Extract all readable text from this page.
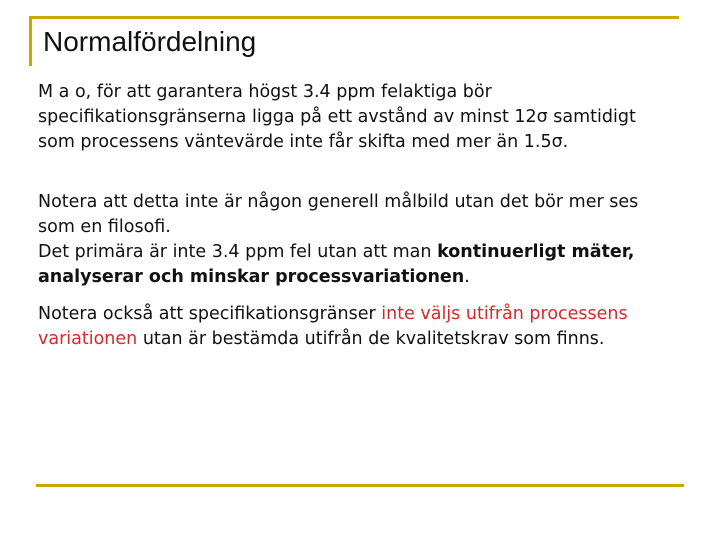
Normalfördelning

M a o, för att garantera högst 3.4 ppm felaktiga bör
specifikationsgränserna ligga på ett avstånd av minst 12σ samtidigt
som processens väntevärde inte får skifta med mer än 1.5σ.

Notera att detta inte är någon generell målbild utan det bör mer ses
som en filosofi.
Det primära är inte 3.4 ppm fel utan att man kontinuerligt mäter,
analyserar och minskar processvariationen.

Notera också att specifikationsgränser inte väljs utifrån processens
variationen utan är bestämda utifrån de kvalitetskrav som finns.
